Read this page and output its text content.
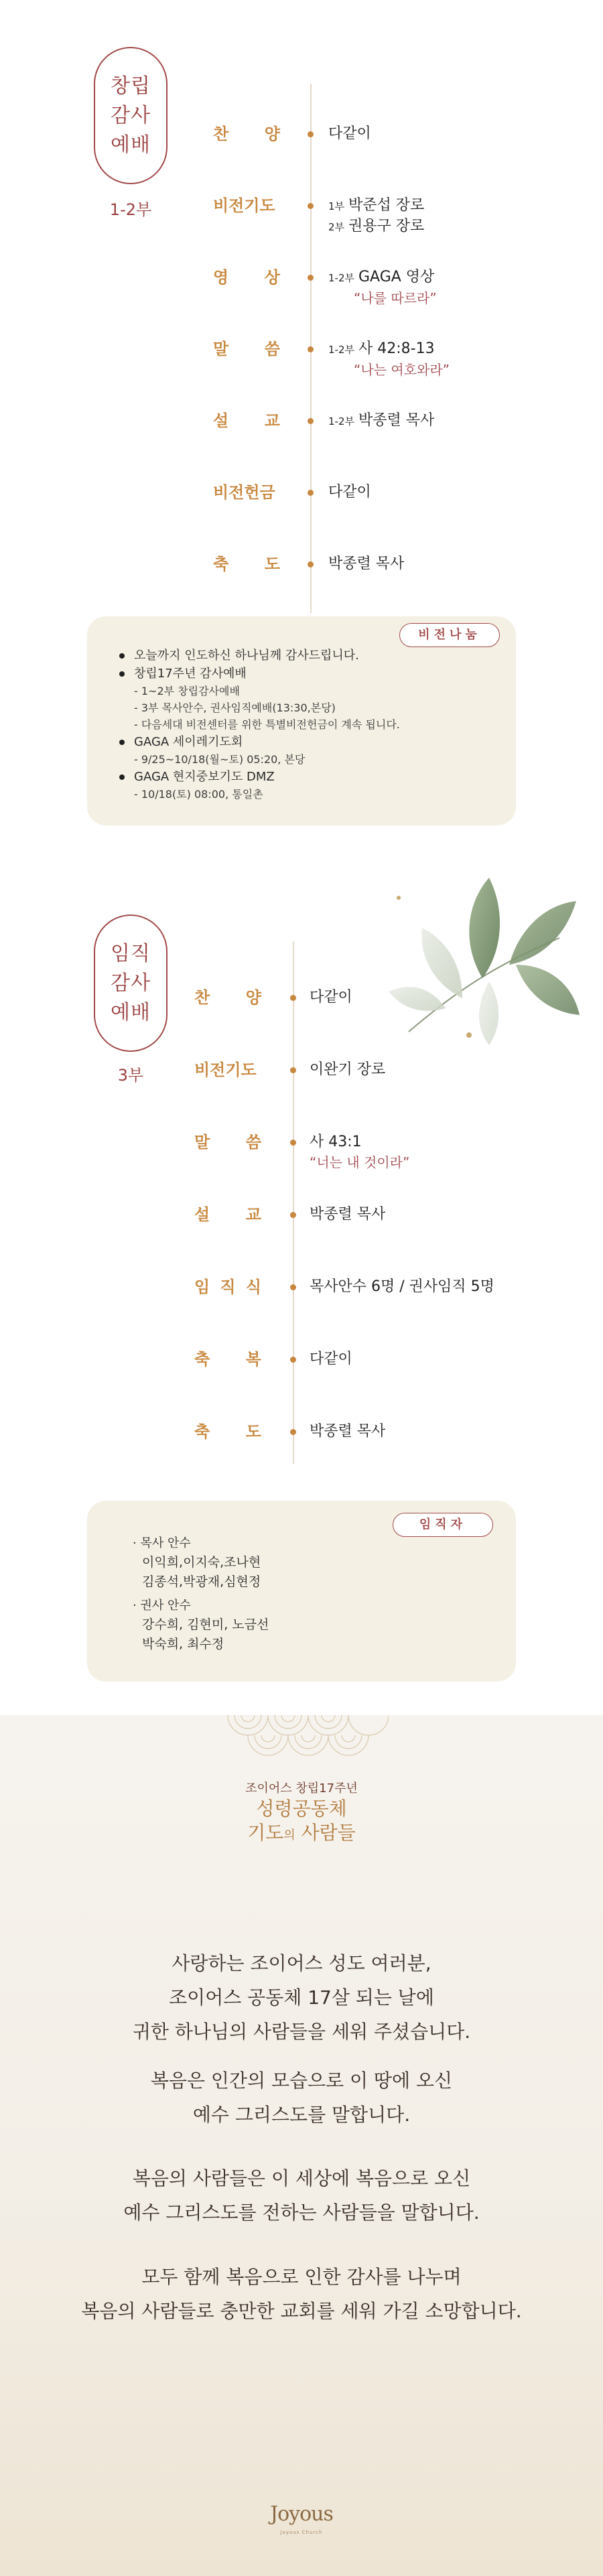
창립
감사
예배
1-2부
찬 양	다같이
비전기도	1부 박준섭 장로
2부 권용구 장로
영 상	1-2부 GAGA 영상
“나를 따르라”
말 씀	1-2부 사 42:8-13
“나는 여호와라”
설 교	1-2부 박종렬 목사
비전헌금	다같이
축 도	박종렬 목사
비전나눔
오늘까지 인도하신 하나님께 감사드립니다.
창립17주년 감사예배
- 1~2부 창립감사예배
- 3부 목사안수, 권사임직예배(13:30,본당)
- 다음세대 비전센터를 위한 특별비전헌금이 계속 됩니다.
GAGA 세이레기도회
- 9/25~10/18(월~토) 05:20, 본당
GAGA 현지중보기도 DMZ
- 10/18(토) 08:00, 통일촌
임직
감사
예배
3부
찬 양	다같이
비전기도	이완기 장로
말 씀	사 43:1
“너는 내 것이라”
설 교	박종렬 목사
임 직 식	목사안수 6명 / 권사임직 5명
축 복	다같이
축 도	박종렬 목사
임직자
· 목사 안수
이익희,이지숙,조나현
김종석,박광재,심현정
· 권사 안수
강수희, 김현미, 노금선
박숙희, 최수정
조이어스 창립17주년
성령공동체
기도의 사람들
사랑하는 조이어스 성도 여러분,
조이어스 공동체 17살 되는 날에
귀한 하나님의 사람들을 세워 주셨습니다.
복음은 인간의 모습으로 이 땅에 오신
예수 그리스도를 말합니다.
복음의 사람들은 이 세상에 복음으로 오신
예수 그리스도를 전하는 사람들을 말합니다.
모두 함께 복음으로 인한 감사를 나누며
복음의 사람들로 충만한 교회를 세워 가길 소망합니다.
Joyous
Joyous Church
